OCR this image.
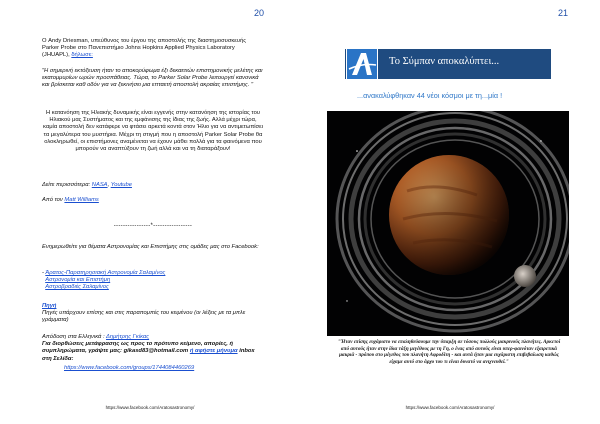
20
https://www.facebook.com/Aratosastronomy/
Ο Andy Driesman, υπεύθυνος του έργου της αποστολής της διαστημοσυσκευής Parker Probe στο Πανεπιστήμιο Johns Hopkins Applied Physics Laboratory (JHUAPL), δήλωσε:
"Η σημερινή εκτόξευση ήταν το αποκορύφωμα έξι δεκαετιών επιστημονικής μελέτης και εκατομμυρίων ωρών προσπάθειας. Τώρα, το Parker Solar Probe λειτουργεί κανονικά και βρίσκεται καθ οδόν για να ξεκινήσει μια επταετή αποστολή ακραίας επιστήμης. "
Η κατανόηση της Ηλιακής δυναμικής είναι εγγενής στην κατανόηση της ιστορίας του Ηλιακού μας Συστήματος και της εμφάνισης της ίδιας της ζωής. Αλλά μέχρι τώρα, καμία αποστολή δεν κατάφερε να φτάσει αρκετά κοντά στον Ήλιο για να αντιμετωπίσει τα μεγαλύτερα του μυστήρια. Μέχρι τη στιγμή που η αποστολή Parker Solar Probe θα ολοκληρωθεί, οι επιστήμονες αναμένεται να έχουν μάθει πολλά για τα φαινόμενα που μπορούν να αναπτύξουν τη ζωή αλλά και να τη διαταράξουν!
Δείτε περισσότερα: NASA, Youtube
Από τον Matt Williams
----------------*-----------------
Ενημερωθείτε για θέματα Αστρονομίας και Επιστήμης στις ομάδες μας στο Facebook:
- Άρατος-Παρατηρησιακή Αστρονομία Σαλαμίνος
Αστρονομία και Επιστήμη
Αστροβραδιές Σαλαμίνος
Πηγή
Πηγές υπάρχουν επίσης και στις παραπομπές του κειμένου (οι λέξεις με τα μπλε γράμματα)
Απόδοση στα Ελληνικά : Δημήτρης Γκίκας
Για διορθώσεις μετάφρασης ως προς το πρότυπο κείμενο, απορίες, ή συμπληρώματα, γράψτε μας: gikasd83@hotmail.com ή αφήστε μήνυμα inbox στη Σελίδα:
https://www.facebook.com/groups/1744084460269
21
https://www.facebook.com/Aratosastronomy/
Το Σύμπαν αποκαλύπτει...
...ανακαλύφθηκαν 44 νέοι κόσμοι με τη...μία !
"Ήταν επίσης ευχάριστο να επαληθεύσουμε την ύπαρξη σε τόσους πολλούς μακρινούς πλανήτες. Αρκετοί από αυτούς ήταν στην ίδια τάξη μεγέθους με τη Γη, ο ένας από αυτούς είναι υπερ-φαινόταν εξαιρετικά μακριά - πρόπου στο μέγεθος του πλανήτη Αφροδίτη - και αυτά ήταν μια ευχάριστη επιβεβαίωση καθώς είχαμε αυτό στο άρχο του τι είναι δυνατό να ανιχνευθεί."
